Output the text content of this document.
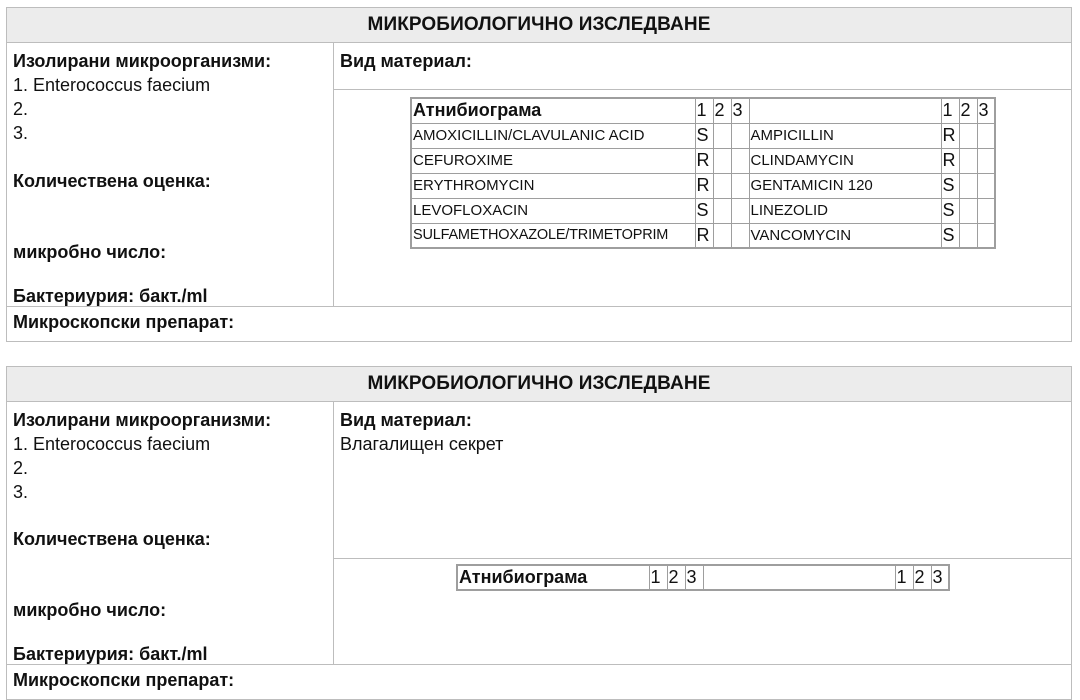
МИКРОБИОЛОГИЧНО ИЗСЛЕДВАНЕ
Изолирани микроорганизми:
1. Enterococcus faecium
2.
3.
Количествена оценка:
микробно число:
Бактериурия: бакт./ml
Вид материал:
Атнибиограма	1	2	3		1	2	3
AMOXICILLIN/CLAVULANIC ACID	S			AMPICILLIN	R		
CEFUROXIME	R			CLINDAMYCIN	R		
ERYTHROMYCIN	R			GENTAMICIN 120	S		
LEVOFLOXACIN	S			LINEZOLID	S		
SULFAMETHOXAZOLE/TRIMETOPRIM	R			VANCOMYCIN	S		
Микроскопски препарат:
МИКРОБИОЛОГИЧНО ИЗСЛЕДВАНЕ
Изолирани микроорганизми:
1. Enterococcus faecium
2.
3.
Количествена оценка:
микробно число:
Бактериурия: бакт./ml
Вид материал:
Влагалищен секрет
Атнибиограма	1	2	3		1	2	3
Микроскопски препарат:
